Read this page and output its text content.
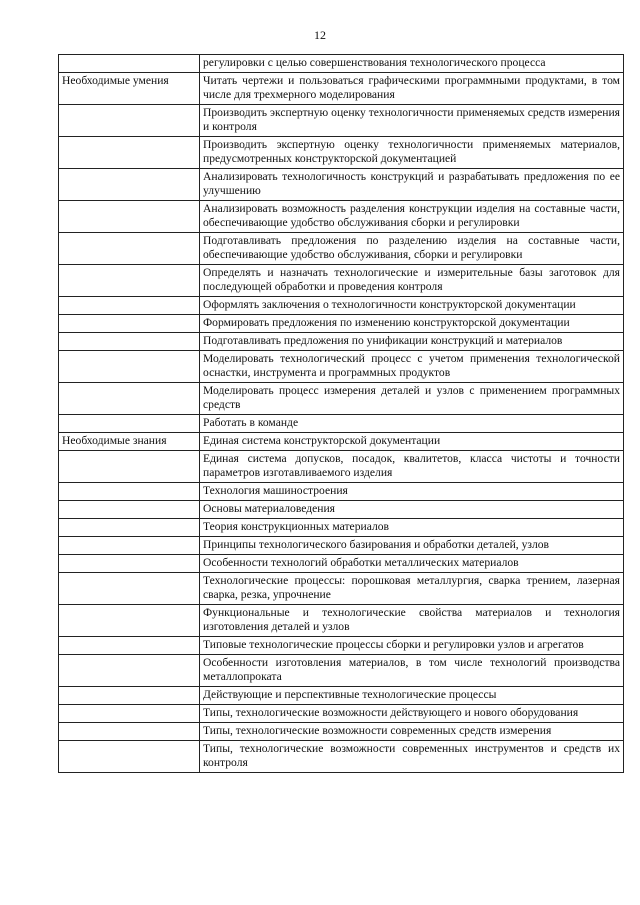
12
	регулировки с целью совершенствования технологического процесса
Необходимые умения	Читать чертежи и пользоваться графическими программными продуктами, в том числе для трехмерного моделирования
	Производить экспертную оценку технологичности применяемых средств измерения и контроля
	Производить экспертную оценку технологичности применяемых материалов, предусмотренных конструкторской документацией
	Анализировать технологичность конструкций и разрабатывать предложения по ее улучшению
	Анализировать возможность разделения конструкции изделия на составные части, обеспечивающие удобство обслуживания сборки и регулировки
	Подготавливать предложения по разделению изделия на составные части, обеспечивающие удобство обслуживания, сборки и регулировки
	Определять и назначать технологические и измерительные базы заготовок для последующей обработки и проведения контроля
	Оформлять заключения о технологичности конструкторской документации
	Формировать предложения по изменению конструкторской документации
	Подготавливать предложения по унификации конструкций и материалов
	Моделировать технологический процесс с учетом применения технологической оснастки, инструмента и программных продуктов
	Моделировать процесс измерения деталей и узлов с применением программных средств
	Работать в команде
Необходимые знания	Единая система конструкторской документации
	Единая система допусков, посадок, квалитетов, класса чистоты и точности параметров изготавливаемого изделия
	Технология машиностроения
	Основы материаловедения
	Теория конструкционных материалов
	Принципы технологического базирования и обработки деталей, узлов
	Особенности технологий обработки металлических материалов
	Технологические процессы: порошковая металлургия, сварка трением, лазерная сварка, резка, упрочнение
	Функциональные и технологические свойства материалов и технология изготовления деталей и узлов
	Типовые технологические процессы сборки и регулировки узлов и агрегатов
	Особенности изготовления материалов, в том числе технологий производства металлопроката
	Действующие и перспективные технологические процессы
	Типы, технологические возможности действующего и нового оборудования
	Типы, технологические возможности современных средств измерения
	Типы, технологические возможности современных инструментов и средств их контроля
